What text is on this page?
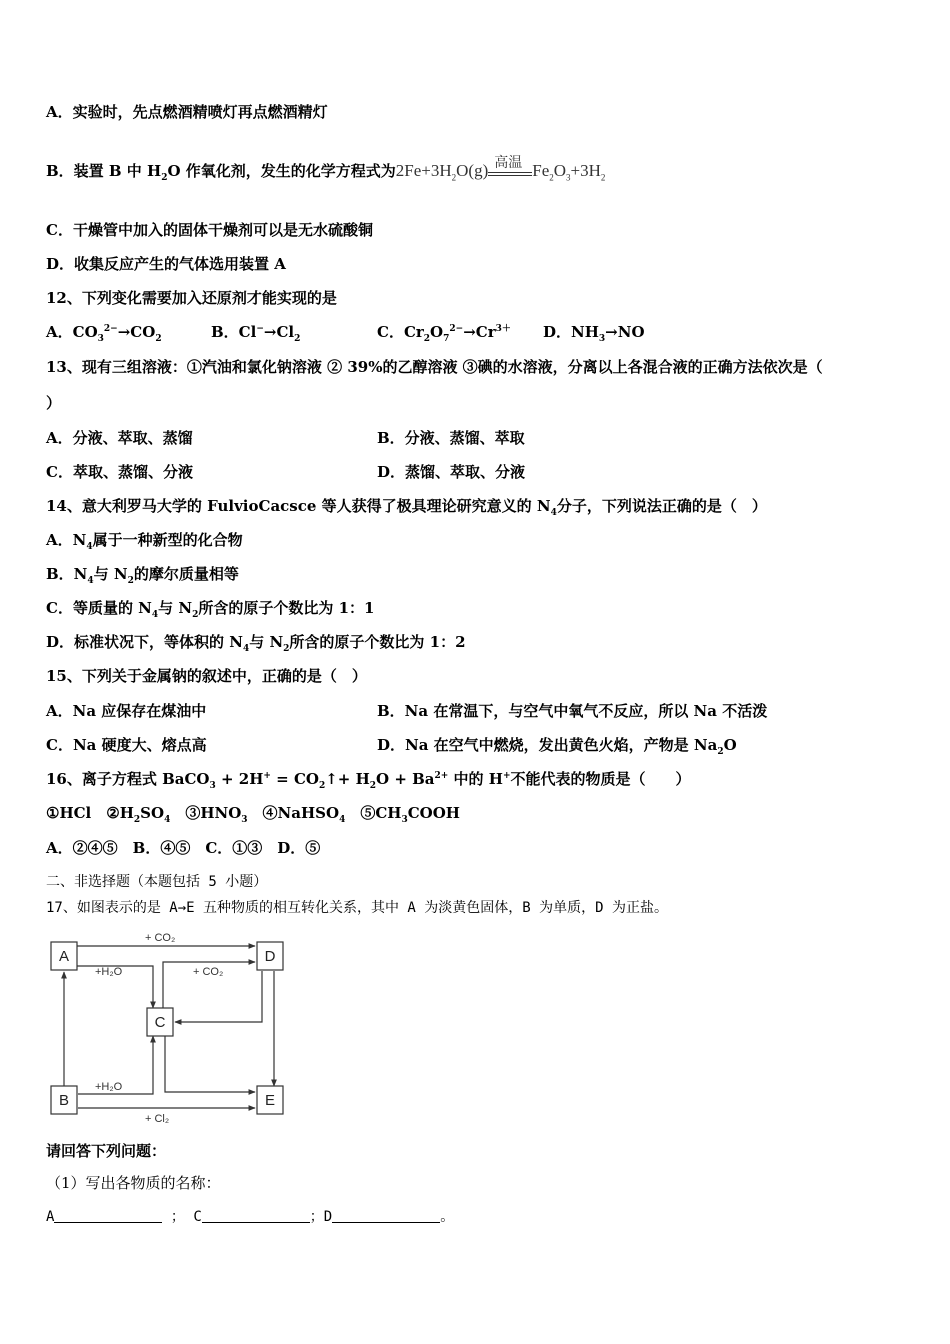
A．实验时，先点燃酒精喷灯再点燃酒精灯
B．装置 B 中 $H_2O$ 作氧化剂，发生的化学方程式为$2Fe+3H_2O(g)$ 高温 $Fe_2O_3+3H_2$
C．干燥管中加入的固体干燥剂可以是无水硫酸铜
D．收集反应产生的气体选用装置 A
12、下列变化需要加入还原剂才能实现的是
A．$CO_3^{2-}\to CO_2$	B．$Cl^-\to Cl_2$	C．$Cr_2O_7^{2-}\to Cr^{3+}$ D．$NH_3\to NO$
13、现有三组溶液：①汽油和氯化钠溶液 ② 39%的乙醇溶液 ③碘的水溶液，分离以上各混合液的正确方法依次是（
）
A．分液、萃取、蒸馏	B．分液、蒸馏、萃取
C．萃取、蒸馏、分液	D．蒸馏、萃取、分液
14、意大利罗马大学的 FulvioCacsce 等人获得了极具理论研究意义的 $N_4$分子，下列说法正确的是（　）
A．$N_4$属于一种新型的化合物
B．$N_4$与 $N_2$的摩尔质量相等
C．等质量的 $N_4$与 $N_2$所含的原子个数比为 1：1
D．标准状况下，等体积的 $N_4$与 $N_2$所含的原子个数比为 1：2
15、下列关于金属钠的叙述中，正确的是（　）
A．Na 应保存在煤油中	B．Na 在常温下，与空气中氧气不反应，所以 Na 不活泼
C．Na 硬度大、熔点高	D．Na 在空气中燃烧，发出黄色火焰，产物是 $Na_2O$
16、离子方程式 BaCO$_3$ + $2H^+ = CO_2↑+ H_2O + Ba^{2+}$ 中的 H+不能代表的物质是（　　）
①HCl　$②H_2SO_4$　$③HNO_3$　④NaHSO$_4$　$⑤CH_3COOH$
A．②④⑤　B．④⑤　C．①③　D．⑤
二、非选择题（本题包括 5 小题）
17、如图表示的是 A→E 五种物质的相互转化关系，其中 A 为淡黄色固体，B 为单质，D 为正盐。
A	D
C
B	E
+ CO₂
+H₂O	+ CO₂
+H₂O
+ Cl₂
请回答下列问题：
（1）写出各物质的名称：
A	； C	；D	。
